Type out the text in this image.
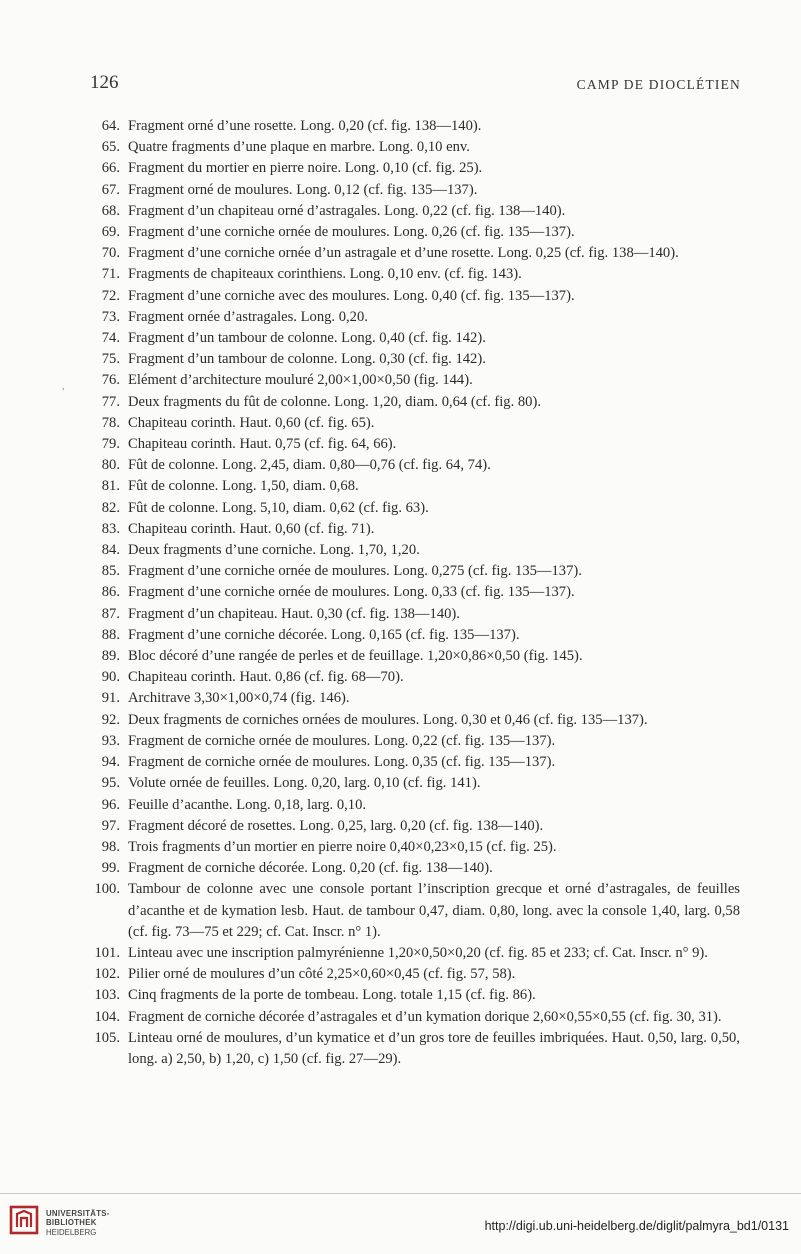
126	CAMP DE DIOCLÉTIEN
64. Fragment orné d’une rosette. Long. 0,20 (cf. fig. 138—140).
65. Quatre fragments d’une plaque en marbre. Long. 0,10 env.
66. Fragment du mortier en pierre noire. Long. 0,10 (cf. fig. 25).
67. Fragment orné de moulures. Long. 0,12 (cf. fig. 135—137).
68. Fragment d’un chapiteau orné d’astragales. Long. 0,22 (cf. fig. 138—140).
69. Fragment d’une corniche ornée de moulures. Long. 0,26 (cf. fig. 135—137).
70. Fragment d’une corniche ornée d’un astragale et d’une rosette. Long. 0,25 (cf. fig. 138—140).
71. Fragments de chapiteaux corinthiens. Long. 0,10 env. (cf. fig. 143).
72. Fragment d’une corniche avec des moulures. Long. 0,40 (cf. fig. 135—137).
73. Fragment ornée d’astragales. Long. 0,20.
74. Fragment d’un tambour de colonne. Long. 0,40 (cf. fig. 142).
75. Fragment d’un tambour de colonne. Long. 0,30 (cf. fig. 142).
76. Elément d’architecture mouluré 2,00×1,00×0,50 (fig. 144).
77. Deux fragments du fût de colonne. Long. 1,20, diam. 0,64 (cf. fig. 80).
78. Chapiteau corinth. Haut. 0,60 (cf. fig. 65).
79. Chapiteau corinth. Haut. 0,75 (cf. fig. 64, 66).
80. Fût de colonne. Long. 2,45, diam. 0,80—0,76 (cf. fig. 64, 74).
81. Fût de colonne. Long. 1,50, diam. 0,68.
82. Fût de colonne. Long. 5,10, diam. 0,62 (cf. fig. 63).
83. Chapiteau corinth. Haut. 0,60 (cf. fig. 71).
84. Deux fragments d’une corniche. Long. 1,70, 1,20.
85. Fragment d’une corniche ornée de moulures. Long. 0,275 (cf. fig. 135—137).
86. Fragment d’une corniche ornée de moulures. Long. 0,33 (cf. fig. 135—137).
87. Fragment d’un chapiteau. Haut. 0,30 (cf. fig. 138—140).
88. Fragment d’une corniche décorée. Long. 0,165 (cf. fig. 135—137).
89. Bloc décoré d’une rangée de perles et de feuillage. 1,20×0,86×0,50 (fig. 145).
90. Chapiteau corinth. Haut. 0,86 (cf. fig. 68—70).
91. Architrave 3,30×1,00×0,74 (fig. 146).
92. Deux fragments de corniches ornées de moulures. Long. 0,30 et 0,46 (cf. fig. 135—137).
93. Fragment de corniche ornée de moulures. Long. 0,22 (cf. fig. 135—137).
94. Fragment de corniche ornée de moulures. Long. 0,35 (cf. fig. 135—137).
95. Volute ornée de feuilles. Long. 0,20, larg. 0,10 (cf. fig. 141).
96. Feuille d’acanthe. Long. 0,18, larg. 0,10.
97. Fragment décoré de rosettes. Long. 0,25, larg. 0,20 (cf. fig. 138—140).
98. Trois fragments d’un mortier en pierre noire 0,40×0,23×0,15 (cf. fig. 25).
99. Fragment de corniche décorée. Long. 0,20 (cf. fig. 138—140).
100. Tambour de colonne avec une console portant l’inscription grecque et orné d’astragales, de feuilles d’acanthe et de kymation lesb. Haut. de tambour 0,47, diam. 0,80, long. avec la console 1,40, larg. 0,58 (cf. fig. 73—75 et 229; cf. Cat. Inscr. n° 1).
101. Linteau avec une inscription palmyrénienne 1,20×0,50×0,20 (cf. fig. 85 et 233; cf. Cat. Inscr. n° 9).
102. Pilier orné de moulures d’un côté 2,25×0,60×0,45 (cf. fig. 57, 58).
103. Cinq fragments de la porte de tombeau. Long. totale 1,15 (cf. fig. 86).
104. Fragment de corniche décorée d’astragales et d’un kymation dorique 2,60×0,55×0,55 (cf. fig. 30, 31).
105. Linteau orné de moulures, d’un kymatice et d’un gros tore de feuilles imbriquées. Haut. 0,50, larg. 0,50, long. a) 2,50, b) 1,20, c) 1,50 (cf. fig. 27—29).
,
UNIVERSITÄTS-
BIBLIOTHEK
HEIDELBERG	http://digi.ub.uni-heidelberg.de/diglit/palmyra_bd1/0131
